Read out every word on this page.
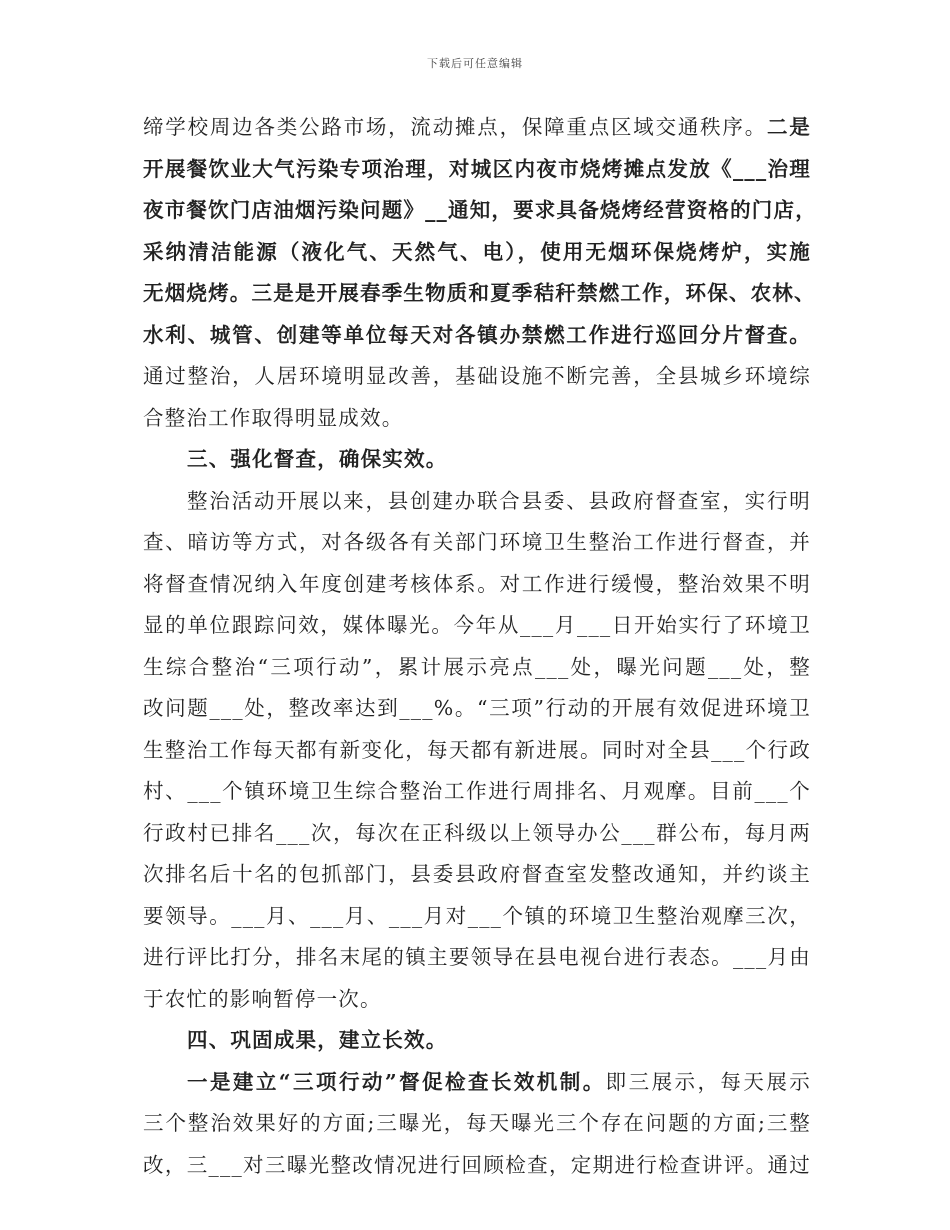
下载后可任意编辑
缔学校周边各类公路市场，流动摊点，保障重点区域交通秩序。二是
开展餐饮业大气污染专项治理，对城区内夜市烧烤摊点发放《___治理
夜市餐饮门店油烟污染问题》__通知，要求具备烧烤经营资格的门店，
采纳清洁能源（液化气、天然气、电），使用无烟环保烧烤炉，实施
无烟烧烤。三是是开展春季生物质和夏季秸秆禁燃工作，环保、农林、
水利、城管、创建等单位每天对各镇办禁燃工作进行巡回分片督查。
通过整治，人居环境明显改善，基础设施不断完善，全县城乡环境综
合整治工作取得明显成效。
三、强化督查，确保实效。
整治活动开展以来，县创建办联合县委、县政府督查室，实行明
查、暗访等方式，对各级各有关部门环境卫生整治工作进行督查，并
将督查情况纳入年度创建考核体系。对工作进行缓慢，整治效果不明
显的单位跟踪问效，媒体曝光。今年从___月___日开始实行了环境卫
生综合整治“三项行动”，累计展示亮点___处，曝光问题___处，整
改问题___处，整改率达到___%。“三项”行动的开展有效促进环境卫
生整治工作每天都有新变化，每天都有新进展。同时对全县___个行政
村、___个镇环境卫生综合整治工作进行周排名、月观摩。目前___个
行政村已排名___次，每次在正科级以上领导办公___群公布，每月两
次排名后十名的包抓部门，县委县政府督查室发整改通知，并约谈主
要领导。___月、___月、___月对___个镇的环境卫生整治观摩三次，
进行评比打分，排名末尾的镇主要领导在县电视台进行表态。___月由
于农忙的影响暂停一次。
四、巩固成果，建立长效。
一是建立“三项行动”督促检查长效机制。即三展示，每天展示
三个整治效果好的方面;三曝光，每天曝光三个存在问题的方面;三整
改，三___对三曝光整改情况进行回顾检查，定期进行检查讲评。通过
